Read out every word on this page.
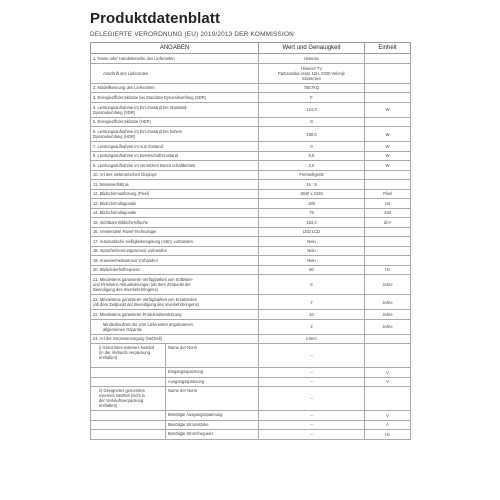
Produktdatenblatt
DELEGIERTE VERORDNUNG (EU) 2019/2013 DER KOMMISSION
ANGABEN	Wert und Genauigkeit	Einheit
1. Name oder Handelsmarke des Lieferanten	Hisense	
Anschrift des Lieferanten	Hisense TV
Partizanska cesta 12H, 3320 Velenje
Slowenien	
2. Modellkennung des Lieferanten	75E7KQ	
3. Energieeffizienzklasse bei Standard-Dynamikumfang (SDR)	F	
4. Leistungsaufnahme im Ein-Zustand bei Standard-
Dynamikumfang (SDR)	124,0	W
5. Energieeffizienzklasse (HDR)	G	
6. Leistungsaufnahme im Ein-Zustand bei hohem
Dynamikumfang (HDR)	180,0	W
7. Leistungsaufnahme im Aus-Zustand	0	W
8. Leistungsaufnahme im Bereitschaftszustand	0,5	W
9. Leistungsaufnahme im vernetzten Bereit schaftbetrieb	2,0	W
10. Art des elektronischen Displays	Fernsehgerät	
11. Seitenverhältnis	16 : 9	
12. Bildschirmauflösung (Pixel)	3840 x 2160	Pixel
13. Bildschirmdiagonale	189	cm
14. Bildschirmdiagonale	75	Zoll
15. Sichtbare Bildschirmfläche	153,2	dm²
16. Verwendete Panel-Technologie	LED LCD	
17. Automatische Helligkeitsregelung (ABC) vorhanden	Nein	
18. Spracherkennungssensor vorhanden	Nein	
19. Anwesenheitssensor vorhanden	Nein	
20. Bildwiederholfrequenz	60	Hz
21. Mindestens garantierte Verfügbarkeit von Software-
und Firmware-Aktualisierungen (ab dem Zeitpunkt der
Beendigung des Inverkehrbringens)	8	Jahre
22. Mindestens garantierte Verfügbarkeit von Ersatzteilen
(ab dem Zeitpunkt der Beendigung des Inverkehrbringens)	7	Jahre
23. Mindestens garantierte Produktunterstützung	10	Jahre
Mindestlaufzeit der vom Lieferanten angebotenen
allgemeinen Garantie	2	Jahre
24. Art der Stromversorgung (Netzteil)	Intern	

i) Genormtes externes Netzteil
(in der Verkaufs verpackung
enthalten)
Name der Norm	--	

Eingangsspannung	--	V

Ausgangsspannung	--	V

ii) Geeignetes genormtes
externes Netzteil (nicht in
der Verkaufsverpackung
enthalten)
Name der Norm	--	

Benötigte Ausgangsspannung	--	V

Benötigte Stromstärke	--	A

Benötigte Stromfrequenz	--	Hz
